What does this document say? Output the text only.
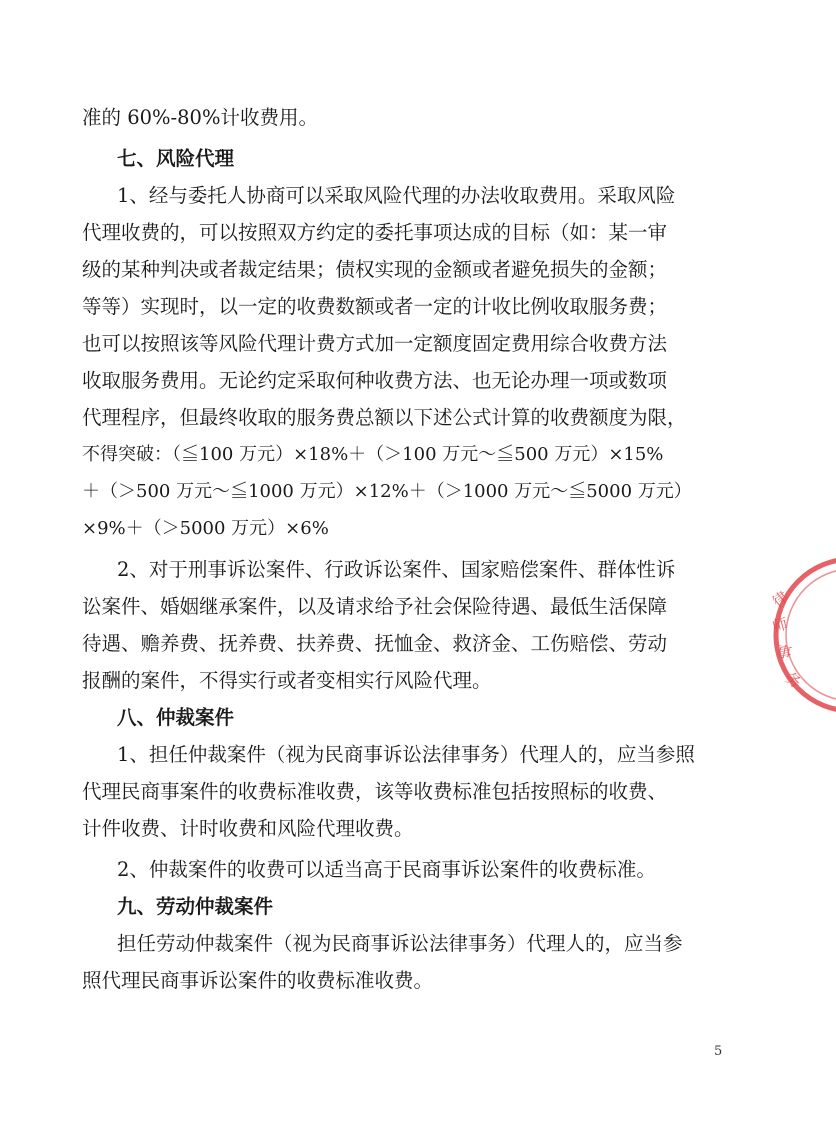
准的 60%-80%计收费用。
七、风险代理
1、经与委托人协商可以采取风险代理的办法收取费用。采取风险
代理收费的，可以按照双方约定的委托事项达成的目标（如：某一审
级的某种判决或者裁定结果；债权实现的金额或者避免损失的金额；
等等）实现时，以一定的收费数额或者一定的计收比例收取服务费；
也可以按照该等风险代理计费方式加一定额度固定费用综合收费方法
收取服务费用。无论约定采取何种收费方法、也无论办理一项或数项
代理程序，但最终收取的服务费总额以下述公式计算的收费额度为限，
不得突破：（≦100 万元）×18%＋（＞100 万元～≦500 万元）×15%
＋（＞500 万元～≦1000 万元）×12%＋（＞1000 万元～≦5000 万元）
×9%＋（＞5000 万元）×6%
2、对于刑事诉讼案件、行政诉讼案件、国家赔偿案件、群体性诉
讼案件、婚姻继承案件，以及请求给予社会保险待遇、最低生活保障
待遇、赡养费、抚养费、扶养费、抚恤金、救济金、工伤赔偿、劳动
报酬的案件，不得实行或者变相实行风险代理。
八、仲裁案件
1、担任仲裁案件（视为民商事诉讼法律事务）代理人的，应当参照
代理民商事案件的收费标准收费，该等收费标准包括按照标的收费、
计件收费、计时收费和风险代理收费。
2、仲裁案件的收费可以适当高于民商事诉讼案件的收费标准。
九、劳动仲裁案件
担任劳动仲裁案件（视为民商事诉讼法律事务）代理人的，应当参
照代理民商事诉讼案件的收费标准收费。
5
律
师
事
务
